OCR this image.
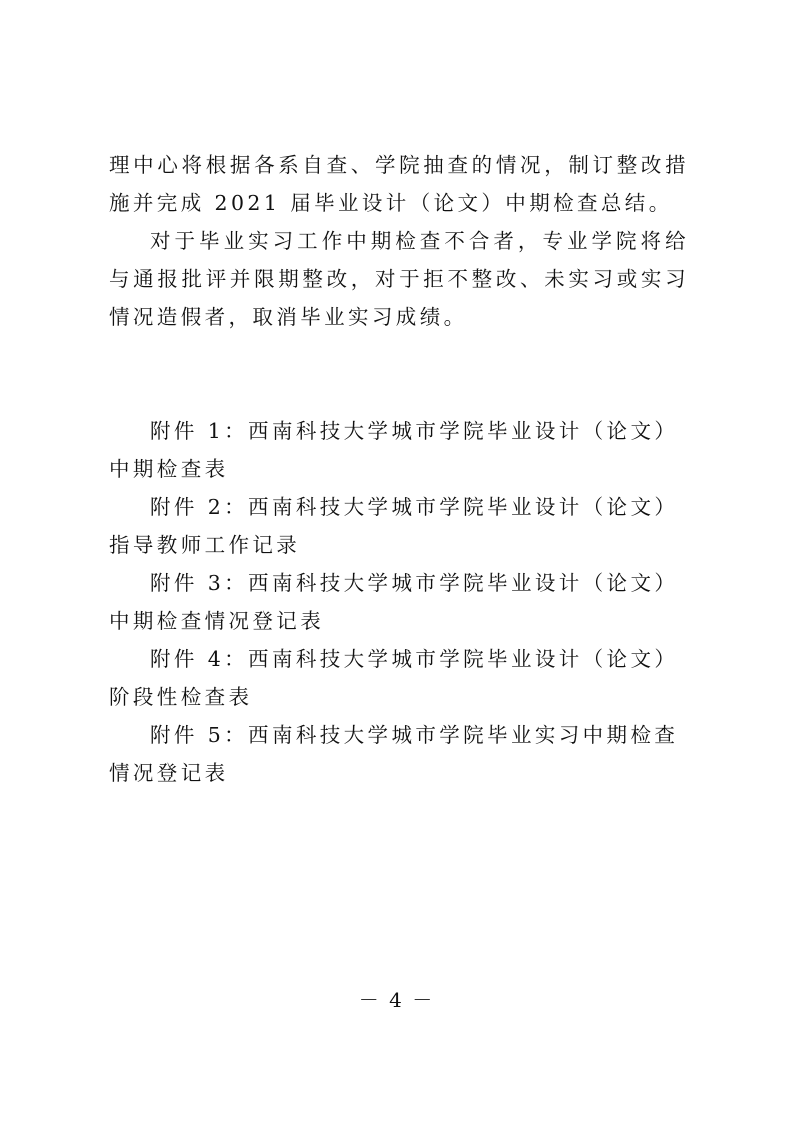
理中心将根据各系自查、学院抽查的情况，制订整改措施并完成 2021 届毕业设计（论文）中期检查总结。

对于毕业实习工作中期检查不合者，专业学院将给与通报批评并限期整改，对于拒不整改、未实习或实习情况造假者，取消毕业实习成绩。

附件 1：西南科技大学城市学院毕业设计（论文）中期检查表

附件 2：西南科技大学城市学院毕业设计（论文）指导教师工作记录

附件 3：西南科技大学城市学院毕业设计（论文）中期检查情况登记表

附件 4：西南科技大学城市学院毕业设计（论文）阶段性检查表

附件 5：西南科技大学城市学院毕业实习中期检查情况登记表

－ 4 －
